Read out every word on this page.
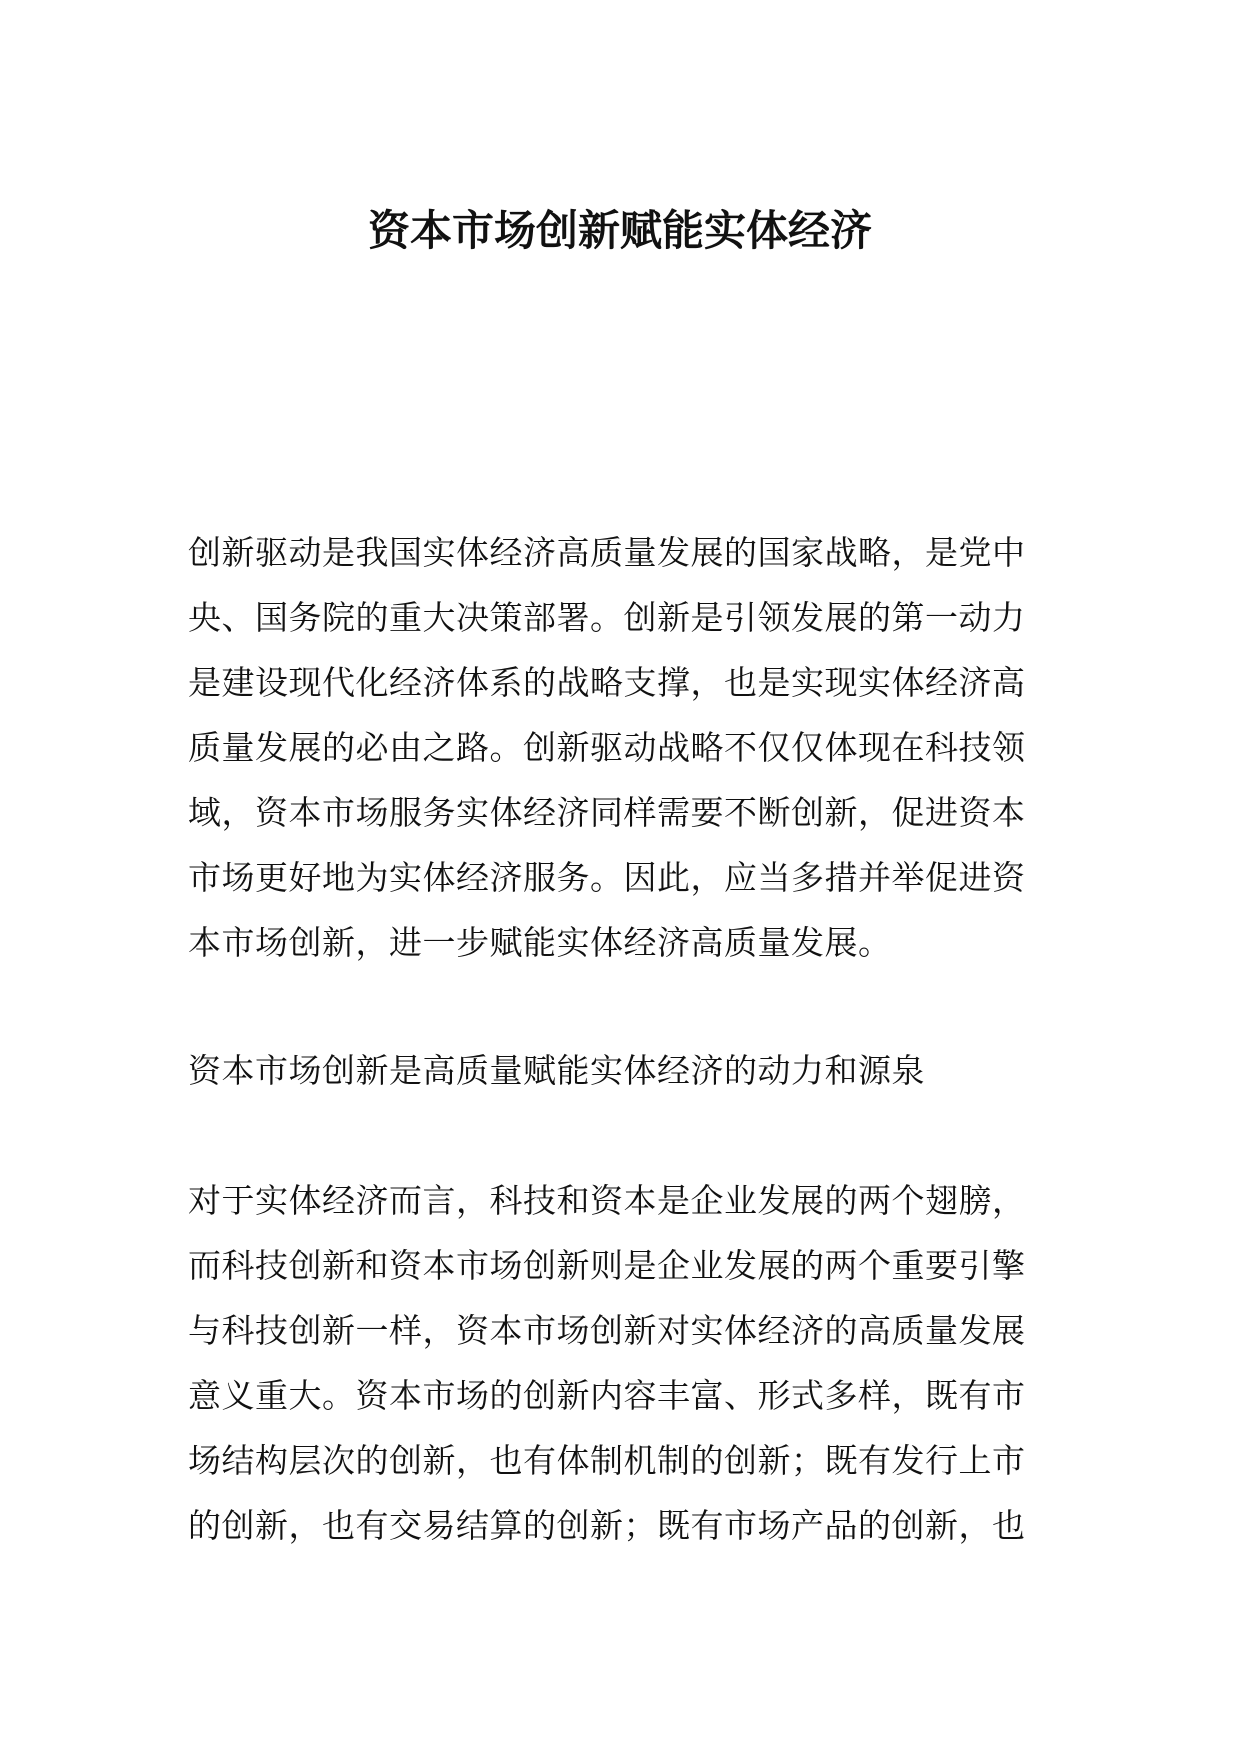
资本市场创新赋能实体经济

创新驱动是我国实体经济高质量发展的国家战略，是党中
央、国务院的重大决策部署。创新是引领发展的第一动力
是建设现代化经济体系的战略支撑，也是实现实体经济高
质量发展的必由之路。创新驱动战略不仅仅体现在科技领
域，资本市场服务实体经济同样需要不断创新，促进资本
市场更好地为实体经济服务。因此，应当多措并举促进资
本市场创新，进一步赋能实体经济高质量发展。

资本市场创新是高质量赋能实体经济的动力和源泉

对于实体经济而言，科技和资本是企业发展的两个翅膀，
而科技创新和资本市场创新则是企业发展的两个重要引擎
与科技创新一样，资本市场创新对实体经济的高质量发展
意义重大。资本市场的创新内容丰富、形式多样，既有市
场结构层次的创新，也有体制机制的创新；既有发行上市
的创新，也有交易结算的创新；既有市场产品的创新，也
